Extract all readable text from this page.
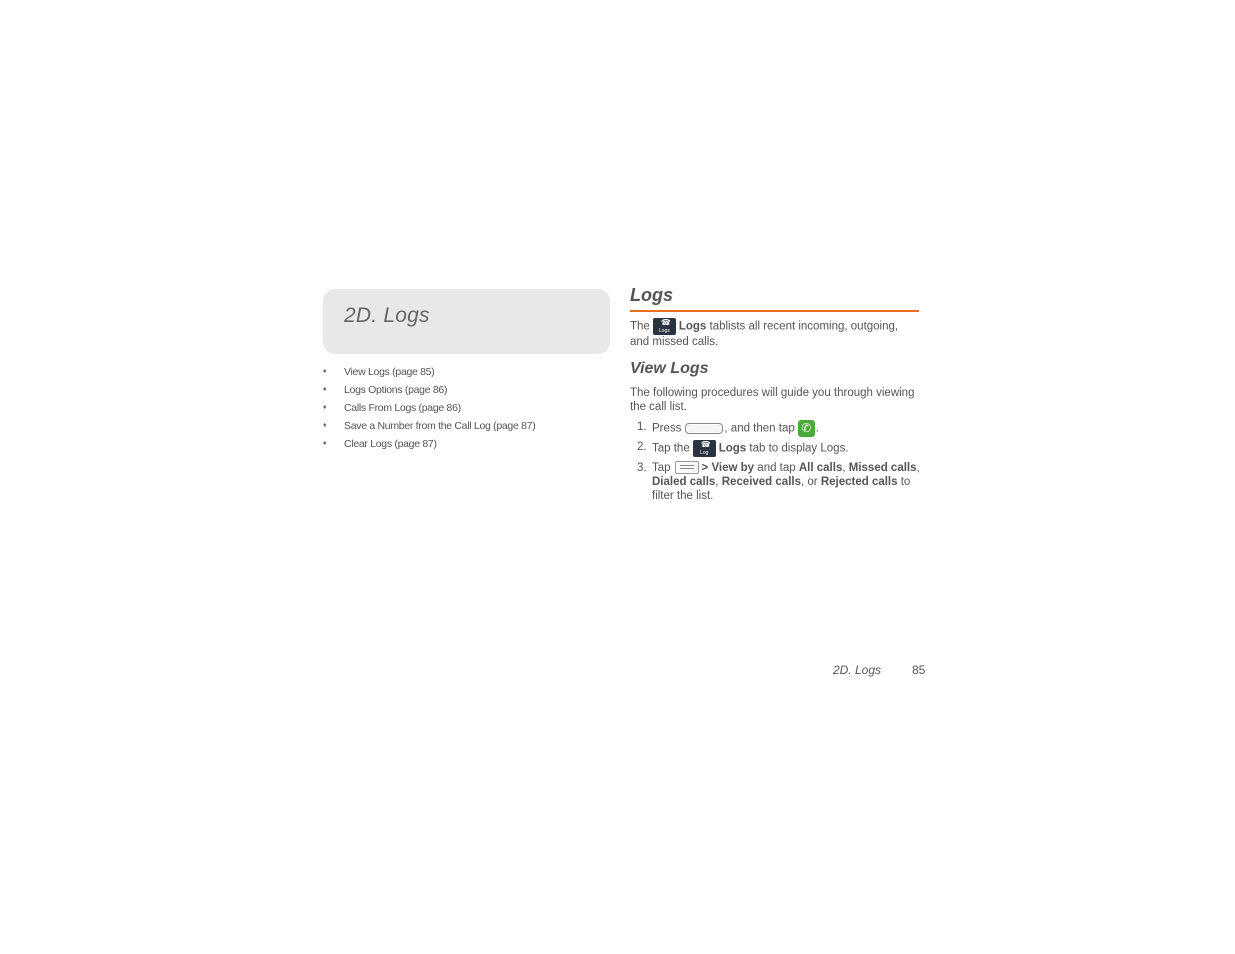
2D. Logs
♦ View Logs (page 85)
♦ Logs Options (page 86)
♦ Calls From Logs (page 86)
♦ Save a Number from the Call Log (page 87)
♦ Clear Logs (page 87)
Logs

The ☎
Logs Logs tablists all recent incoming, outgoing, and missed calls.

View Logs

The following procedures will guide you through viewing the call list.

1. Press	, and then tap ✆ .
2. Tap the ☎
Log Logs tab to display Logs.
3. Tap	> View by and tap All calls, Missed calls, Dialed calls, Received calls, or Rejected calls to filter the list.
2D. Logs	85
